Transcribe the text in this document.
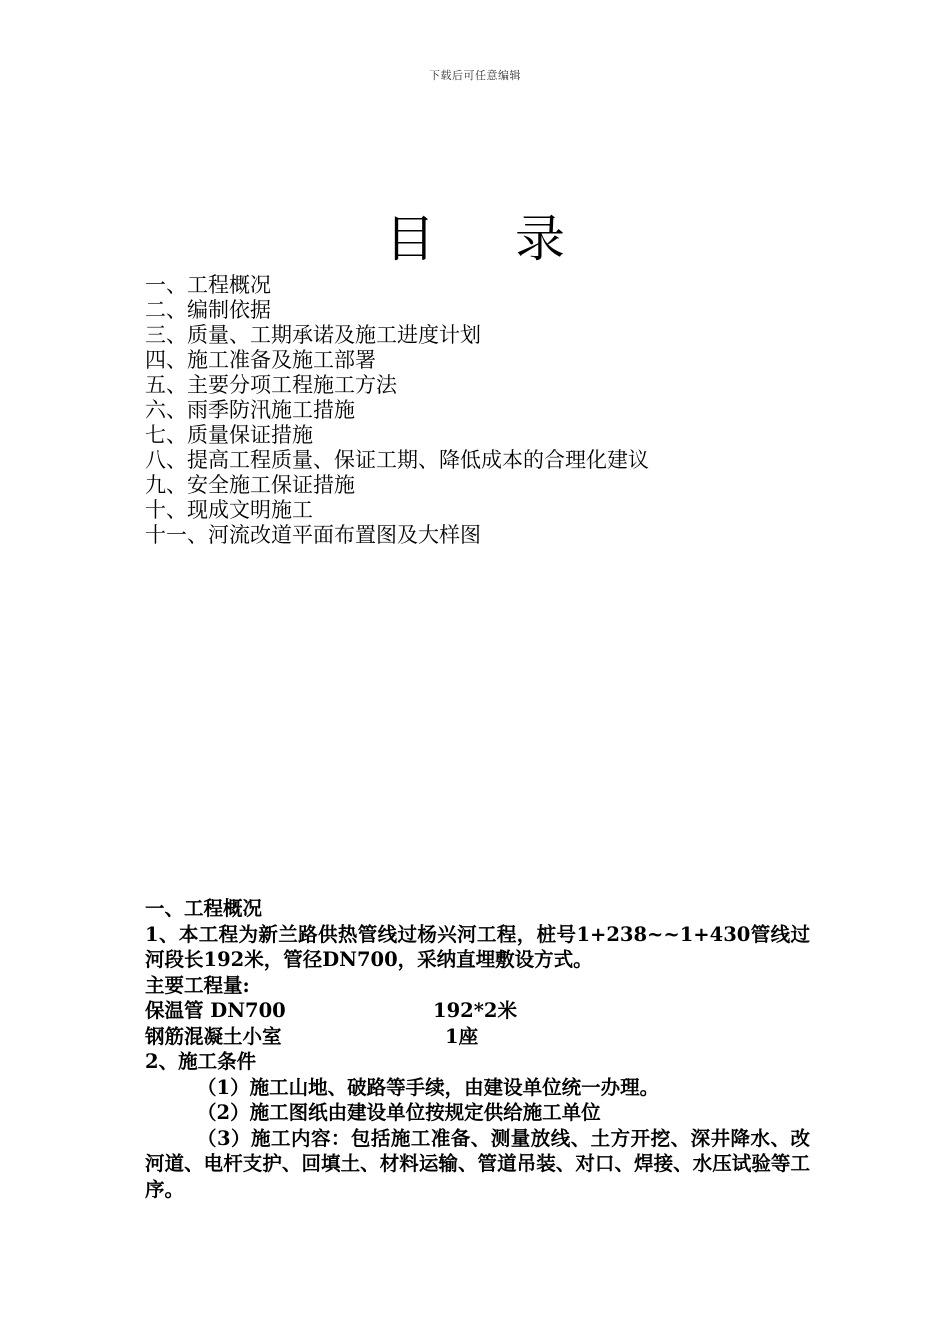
下载后可任意编辑
目 录
一、工程概况
二、编制依据
三、质量、工期承诺及施工进度计划
四、施工准备及施工部署
五、主要分项工程施工方法
六、雨季防汛施工措施
七、质量保证措施
八、提高工程质量、保证工期、降低成本的合理化建议
九、安全施工保证措施
十、现成文明施工
十一、河流改道平面布置图及大样图

一、工程概况

1、本工程为新兰路供热管线过杨兴河工程，桩号1+238~~1+430管线过河段长192米，管径DN700，采纳直埋敷设方式。

主要工程量:

保温管 DN700	192*2米
钢筋混凝土小室	1座

2、施工条件

（1）施工山地、破路等手续，由建设单位统一办理。

（2）施工图纸由建设单位按规定供给施工单位

（3）施工内容：包括施工准备、测量放线、土方开挖、深井降水、改河道、电杆支护、回填土、材料运输、管道吊装、对口、焊接、水压试验等工序。
